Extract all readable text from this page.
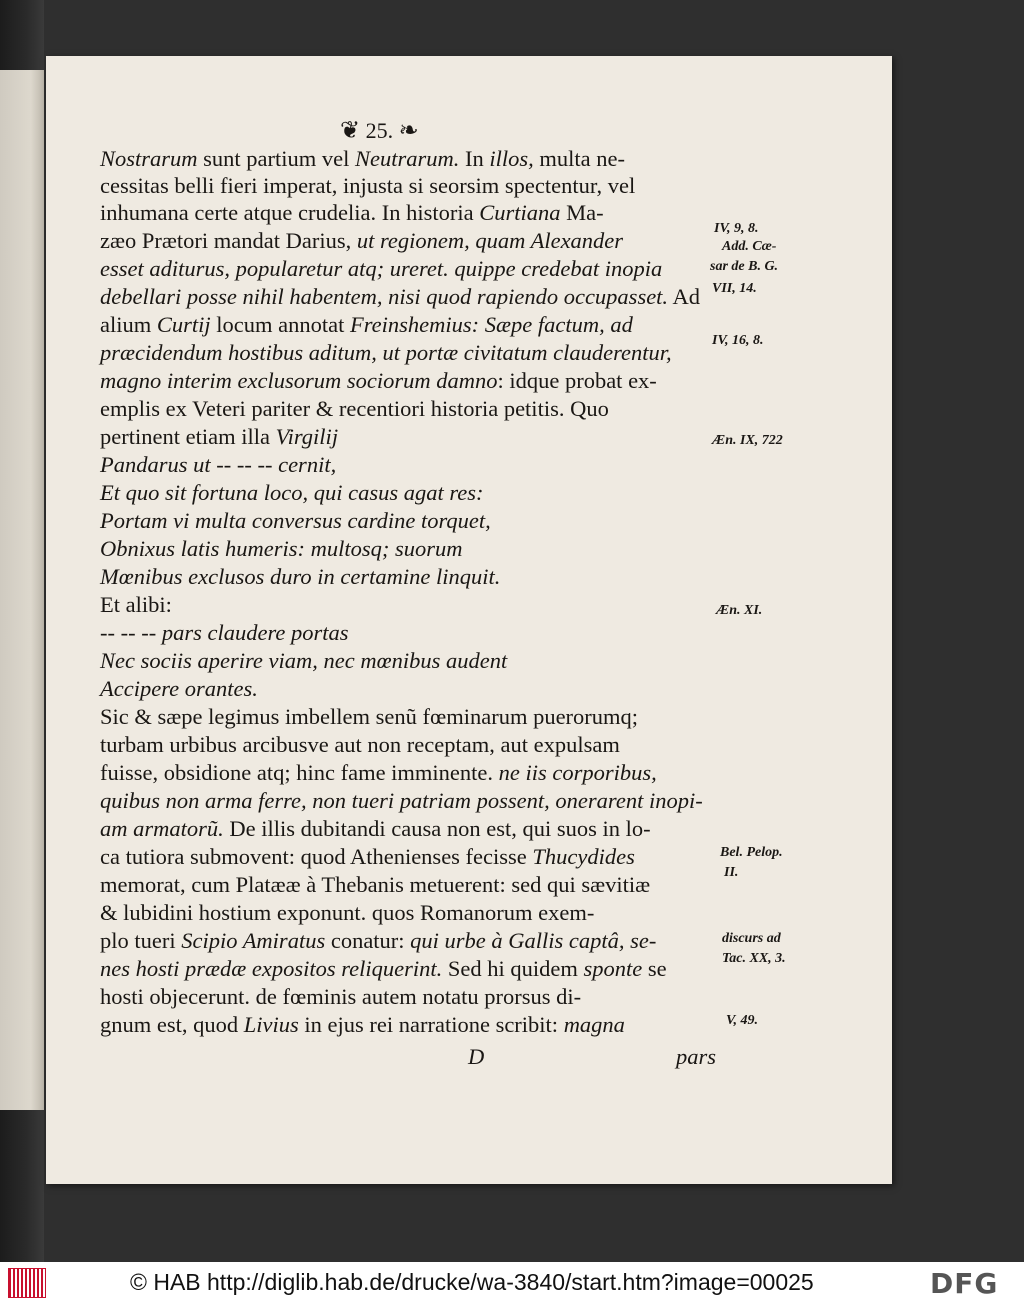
❦ 25. ❧
Nostrarum sunt partium vel Neutrarum. In illos, multa ne-
cessitas belli fieri imperat, injusta si seorsim spectentur, vel
inhumana certe atque crudelia. In historia Curtiana Ma-
zæo Prætori mandat Darius, ut regionem, quam Alexander
esset aditurus, popularetur atq; ureret. quippe credebat inopia
debellari posse nihil habentem, nisi quod rapiendo occupasset. Ad
alium Curtij locum annotat Freinshemius: Sæpe factum, ad
præcidendum hostibus aditum, ut portæ civitatum clauderentur,
magno interim exclusorum sociorum damno: idque probat ex-
emplis ex Veteri pariter & recentiori historia petitis. Quo
pertinent etiam illa Virgilij
Pandarus ut -- -- -- cernit,
Et quo sit fortuna loco, qui casus agat res:
Portam vi multa conversus cardine torquet,
Obnixus latis humeris: multosq; suorum
Mœnibus exclusos duro in certamine linquit.
Et alibi:
-- -- -- pars claudere portas
Nec sociis aperire viam, nec mœnibus audent
Accipere orantes.
Sic & sæpe legimus imbellem senũ fœminarum puerorumq;
turbam urbibus arcibusve aut non receptam, aut expulsam
fuisse, obsidione atq; hinc fame imminente. ne iis corporibus,
quibus non arma ferre, non tueri patriam possent, onerarent inopi-
am armatorũ. De illis dubitandi causa non est, qui suos in lo-
ca tutiora submovent: quod Athenienses fecisse Thucydides
memorat, cum Platææ à Thebanis metuerent: sed qui sævitiæ
& lubidini hostium exponunt. quos Romanorum exem-
plo tueri Scipio Amiratus conatur: qui urbe à Gallis captâ, se-
nes hosti prædæ expositos reliquerint. Sed hi quidem sponte se
hosti objecerunt. de fœminis autem notatu prorsus di-
gnum est, quod Livius in ejus rei narratione scribit: magna
IV, 9, 8.
Add. Cæ-
sar de B. G.
VII, 14.
IV, 16, 8.
Æn. IX, 722
Æn. XI.
Bel. Pelop.
II.
discurs ad
Tac. XX, 3.
V, 49.
D	pars
© HAB http://diglib.hab.de/drucke/wa-3840/start.htm?image=00025	DFG
